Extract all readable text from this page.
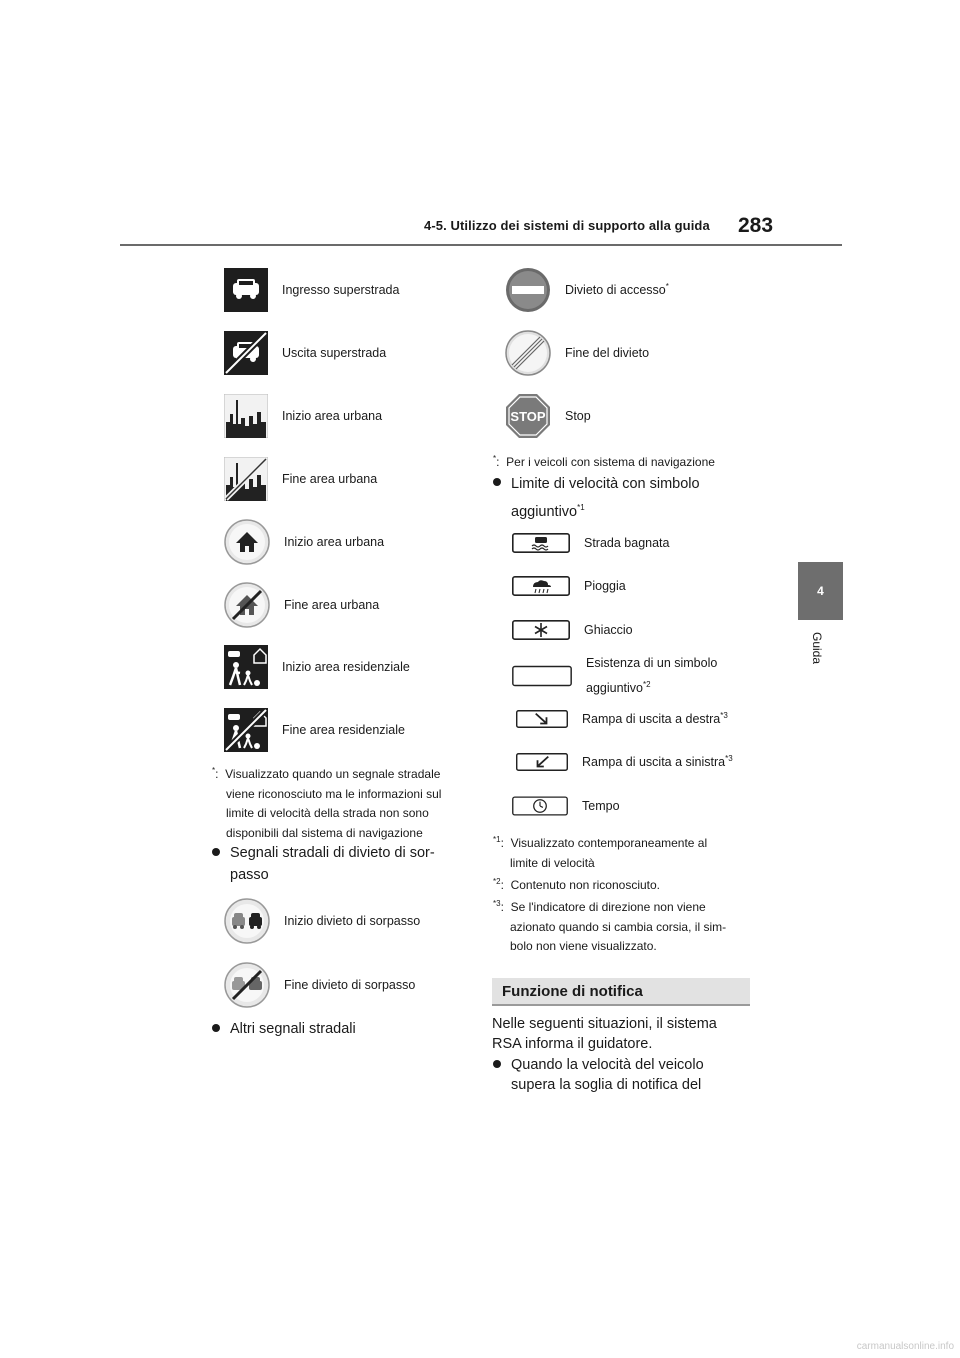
4-5. Utilizzo dei sistemi di supporto alla guida 283
4
Guida
Ingresso superstrada
Uscita superstrada
Inizio area urbana
Fine area urbana
Inizio area urbana
Fine area urbana
Inizio area residenziale
Fine area residenziale
*: Visualizzato quando un segnale stradale
viene riconosciuto ma le informazioni sul
limite di velocità della strada non sono
disponibili dal sistema di navigazione
Segnali stradali di divieto di sor-
passo
Inizio divieto di sorpasso
Fine divieto di sorpasso
Altri segnali stradali
Divieto di accesso*
Fine del divieto
STOP Stop
*: Per i veicoli con sistema di navigazione
Limite di velocità con simbolo
aggiuntivo$^{*1}$
Strada bagnata
Pioggia
Ghiaccio
Esistenza di un simbolo
aggiuntivo$^{*2}$
Rampa di uscita a destra$^{*3}$
Rampa di uscita a sinistra$^{*3}$
Tempo
$^{*1}$:  Visualizzato contemporaneamente al
limite di velocità
$^{*2}$:  Contenuto non riconosciuto.
$^{*3}$:  Se l'indicatore di direzione non viene
azionato quando si cambia corsia, il sim-
bolo non viene visualizzato.
Funzione di notifica
Nelle seguenti situazioni, il sistema
RSA informa il guidatore.
Quando la velocità del veicolo
supera la soglia di notifica del
carmanualsonline.info
